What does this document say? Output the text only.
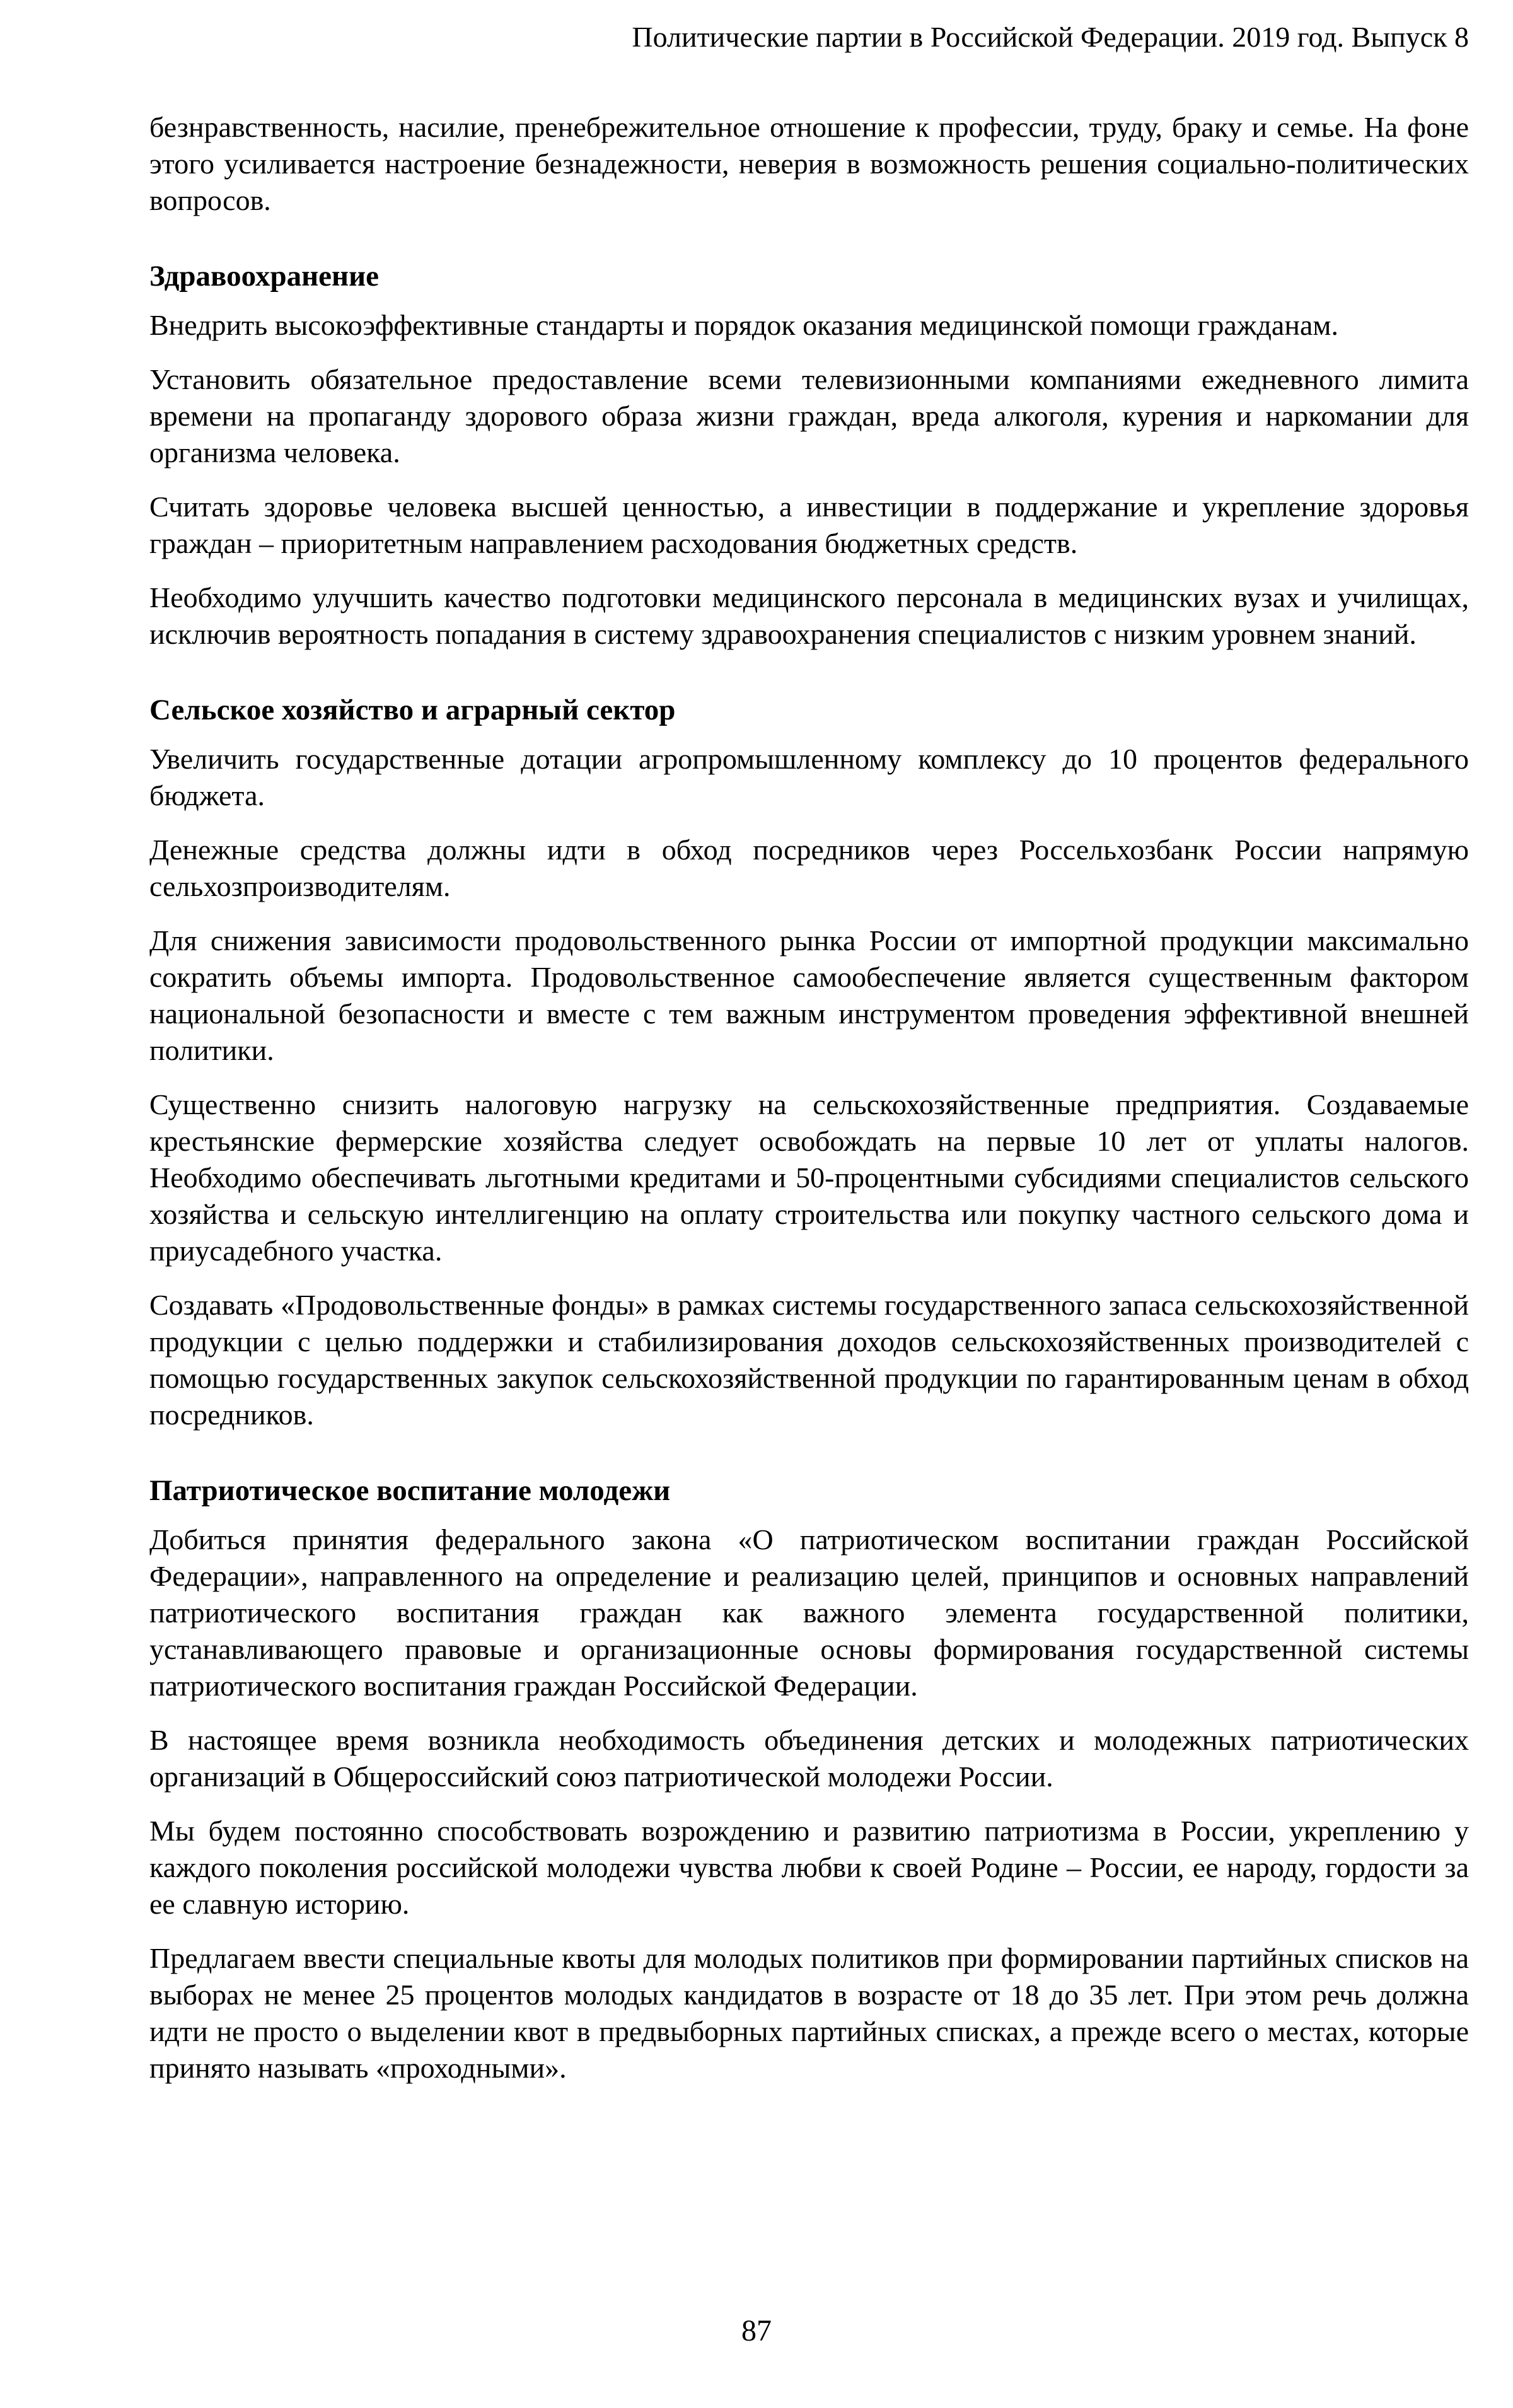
Политические партии в Российской Федерации. 2019 год. Выпуск 8

безнравственность, насилие, пренебрежительное отношение к профессии, труду, браку и семье. На фоне этого усиливается настроение безнадежности, неверия в возможность решения социально-политических вопросов.

Здравоохранение

Внедрить высокоэффективные стандарты и порядок оказания медицинской помощи гражданам.

Установить обязательное предоставление всеми телевизионными компаниями ежедневного лимита времени на пропаганду здорового образа жизни граждан, вреда алкоголя, курения и наркомании для организма человека.

Считать здоровье человека высшей ценностью, а инвестиции в поддержание и укрепление здоровья граждан – приоритетным направлением расходования бюджетных средств.

Необходимо улучшить качество подготовки медицинского персонала в медицинских вузах и училищах, исключив вероятность попадания в систему здравоохранения специалистов с низким уровнем знаний.

Сельское хозяйство и аграрный сектор

Увеличить государственные дотации агропромышленному комплексу до 10 процентов федерального бюджета.

Денежные средства должны идти в обход посредников через Россельхозбанк России напрямую сельхозпроизводителям.

Для снижения зависимости продовольственного рынка России от импортной продукции максимально сократить объемы импорта. Продовольственное самообеспечение является существенным фактором национальной безопасности и вместе с тем важным инструментом проведения эффективной внешней политики.

Существенно снизить налоговую нагрузку на сельскохозяйственные предприятия. Создаваемые крестьянские фермерские хозяйства следует освобождать на первые 10 лет от уплаты налогов. Необходимо обеспечивать льготными кредитами и 50-процентными субсидиями специалистов сельского хозяйства и сельскую интеллигенцию на оплату строительства или покупку частного сельского дома и приусадебного участка.

Создавать «Продовольственные фонды» в рамках системы государственного запаса сельскохозяйственной продукции с целью поддержки и стабилизирования доходов сельскохозяйственных производителей с помощью государственных закупок сельскохозяйственной продукции по гарантированным ценам в обход посредников.

Патриотическое воспитание молодежи

Добиться принятия федерального закона «О патриотическом воспитании граждан Российской Федерации», направленного на определение и реализацию целей, принципов и основных направлений патриотического воспитания граждан как важного элемента государственной политики, устанавливающего правовые и организационные основы формирования государственной системы патриотического воспитания граждан Российской Федерации.

В настоящее время возникла необходимость объединения детских и молодежных патриотических организаций в Общероссийский союз патриотической молодежи России.

Мы будем постоянно способствовать возрождению и развитию патриотизма в России, укреплению у каждого поколения российской молодежи чувства любви к своей Родине – России, ее народу, гордости за ее славную историю.

Предлагаем ввести специальные квоты для молодых политиков при формировании партийных списков на выборах не менее 25 процентов молодых кандидатов в возрасте от 18 до 35 лет. При этом речь должна идти не просто о выделении квот в предвыборных партийных списках, а прежде всего о местах, которые принято называть «проходными».

87
